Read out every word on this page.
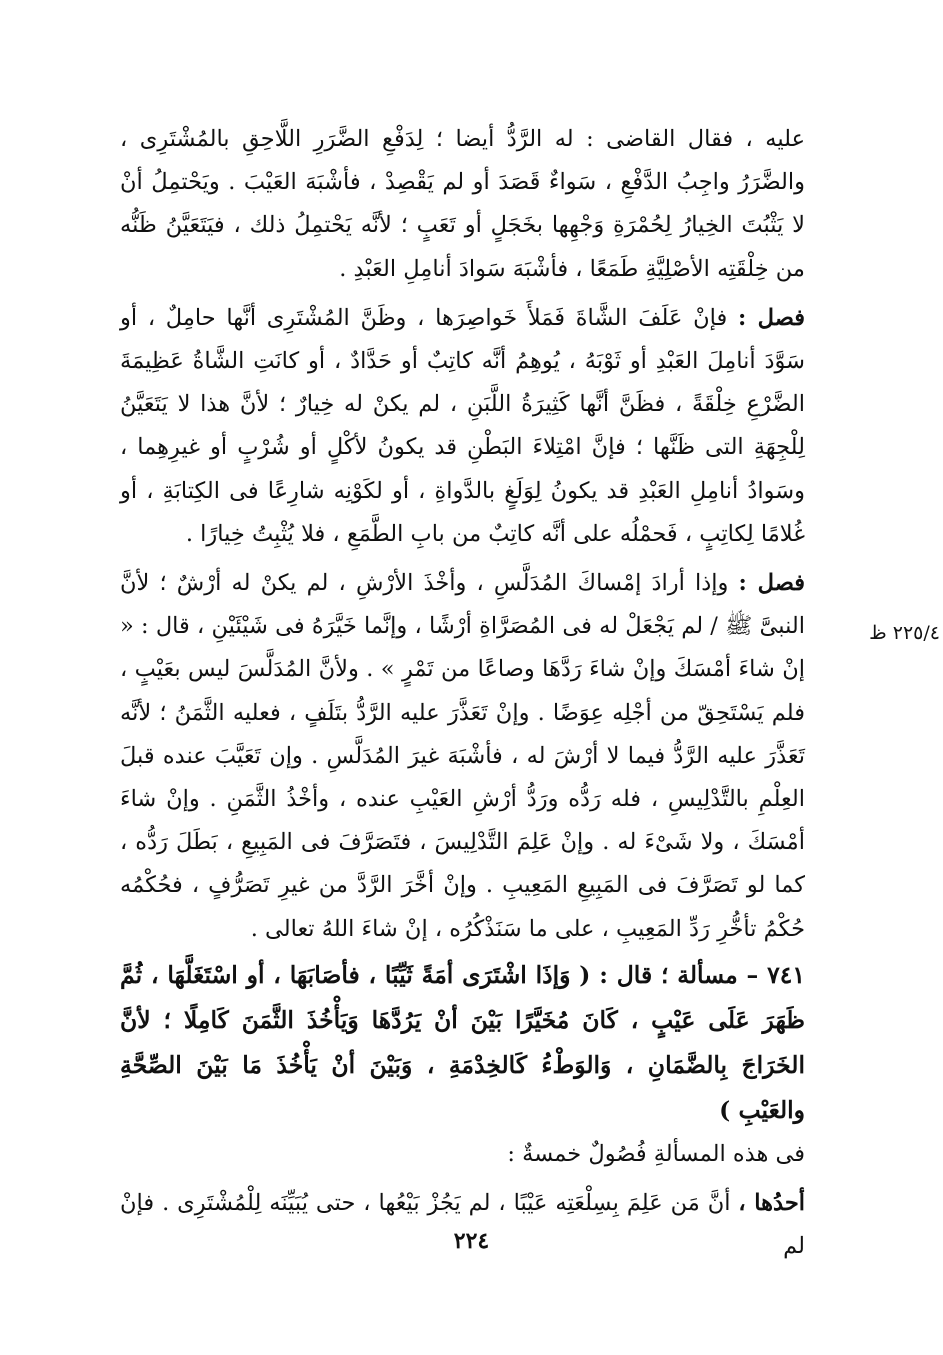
٢٢٥/٤ ظ

عليه ، فقال القاضى : له الرَّدُّ أيضا ؛ لِدَفْعِ الضَّرَرِ اللَّاحِقِ بالمُشْتَرِى ، والضَّرَرُ واجِبُ الدَّفْعِ ، سَواءٌ قَصَدَ أو لم يَقْصِدْ ، فأشْبَهَ العَيْبَ . ويَحْتمِلُ أنْ لا يَثْبُتَ الخِيارُ لِحُمْرَةِ وَجْهِها بخَجَلٍ أو تَعَبٍ ؛ لأنَّه يَحْتمِلُ ذلك ، فيَتَعَيَّنُ ظَنُّه من خِلْقَتِه الأصْلِيَّةِ طَمَعًا ، فأشْبَهَ سَوادَ أنامِلِ العَبْدِ .

فصل : فإنْ عَلَفَ الشَّاةَ فَمَلأَ خَواصِرَها ، وظَنَّ المُشْتَرِى أنَّها حامِلٌ ، أو سَوَّدَ أنامِلَ العَبْدِ أو ثَوْبَهُ ، يُوهِمُ أنَّه كاتِبٌ أو حَدَّادٌ ، أو كانَتِ الشَّاةُ عَظِيمَةَ الضَّرْعِ خِلْقَةً ، فظَنَّ أنَّها كَثِيرَةُ اللَّبَنِ ، لم يكنْ له خِيارٌ ؛ لأنَّ هذا لا يَتَعَيَّنُ لِلْجِهَةِ التى ظَنَّها ؛ فإنَّ امْتِلاءَ البَطْنِ قد يكونُ لأكْلٍ أو شُرْبٍ أو غيرِهِما ، وسَوادُ أنامِلِ العَبْدِ قد يكونُ لِوَلَغٍ بالدَّواةِ ، أو لكَوْنِه شارِعًا فى الكِتابَةِ ، أو غُلامًا لِكاتِبٍ ، فَحمْلُه على أنَّه كاتِبٌ من بابِ الطَّمَعِ ، فلا يُثْبِتُ خِيارًا .

فصل : وإذا أرادَ إمْساكَ المُدَلَّسِ ، وأخْذَ الأرْشِ ، لم يكنْ له أرْشٌ ؛ لأنَّ النبىَّ ﷺ / لم يَجْعَلْ له فى المُصَرَّاةِ أرْشًا ، وإنَّما خَيَّرَهُ فى شَيْئَيْنِ ، قال : « إنْ شاءَ أمْسَكَ وإنْ شاءَ رَدَّهَا وصاعًا من تَمْرٍ » . ولأنَّ المُدَلَّسَ ليس بعَيْبٍ ، فلم يَسْتَحِقّ من أجْلِه عِوَضًا . وإنْ تَعَذَّرَ عليه الرَّدُّ بتَلَفٍ ، فعليه الثَّمَنُ ؛ لأنَّه تَعَذَّرَ عليه الرَّدُّ فيما لا أرْشَ له ، فأشْبَهَ غيرَ المُدَلَّسِ . وإن تَعَيَّبَ عنده قبلَ العِلْمِ بالتَّدْلِيسِ ، فله رَدُّه ورَدُّ أرْشِ العَيْبِ عنده ، وأخْذُ الثَّمَنِ . وإنْ شاءَ أمْسَكَ ، ولا شَىْءَ له . وإنْ عَلِمَ التَّدْلِيسَ ، فتَصَرَّفَ فى المَبِيعِ ، بَطَلَ رَدُّه ، كما لو تَصَرَّفَ فى المَبِيعِ المَعِيبِ . وإنْ أخَّرَ الرَّدَّ من غيرِ تَصَرُّفٍ ، فحُكْمُه حُكْمُ تأخُّرِ رَدِّ المَعِيبِ ، على ما سَنَذْكُرُه ، إنْ شاءَ اللهُ تعالى .

٧٤١ – مسألة ؛ قال : ( وَإذَا اشْتَرَى أمَةً ثَيِّبًا ، فأصَابَهَا ، أو اسْتَغَلَّهَا ، ثُمَّ ظَهَرَ عَلَى عَيْبٍ ، كَانَ مُخَيَّرًا بَيْنَ أنْ يَرُدَّهَا وَيَأْخُذَ الثَّمَنَ كَامِلًا ؛ لأنَّ الخَرَاجَ بِالضَّمَانِ ، وَالوَطْءُ كَالخِدْمَةِ ، وَبَيْنَ أنْ يَأْخُذَ مَا بَيْنَ الصِّحَّةِ والعَيْبِ )

فى هذه المسألةِ فُصُولٌ خمسةٌ :

أحدُها ، أنَّ مَن عَلِمَ بِسِلْعَتِه عَيْبًا ، لم يَجُزْ بَيْعُها ، حتى يُبَيِّنَه لِلْمُشْتَرِى . فإنْ لم

٢٢٤
